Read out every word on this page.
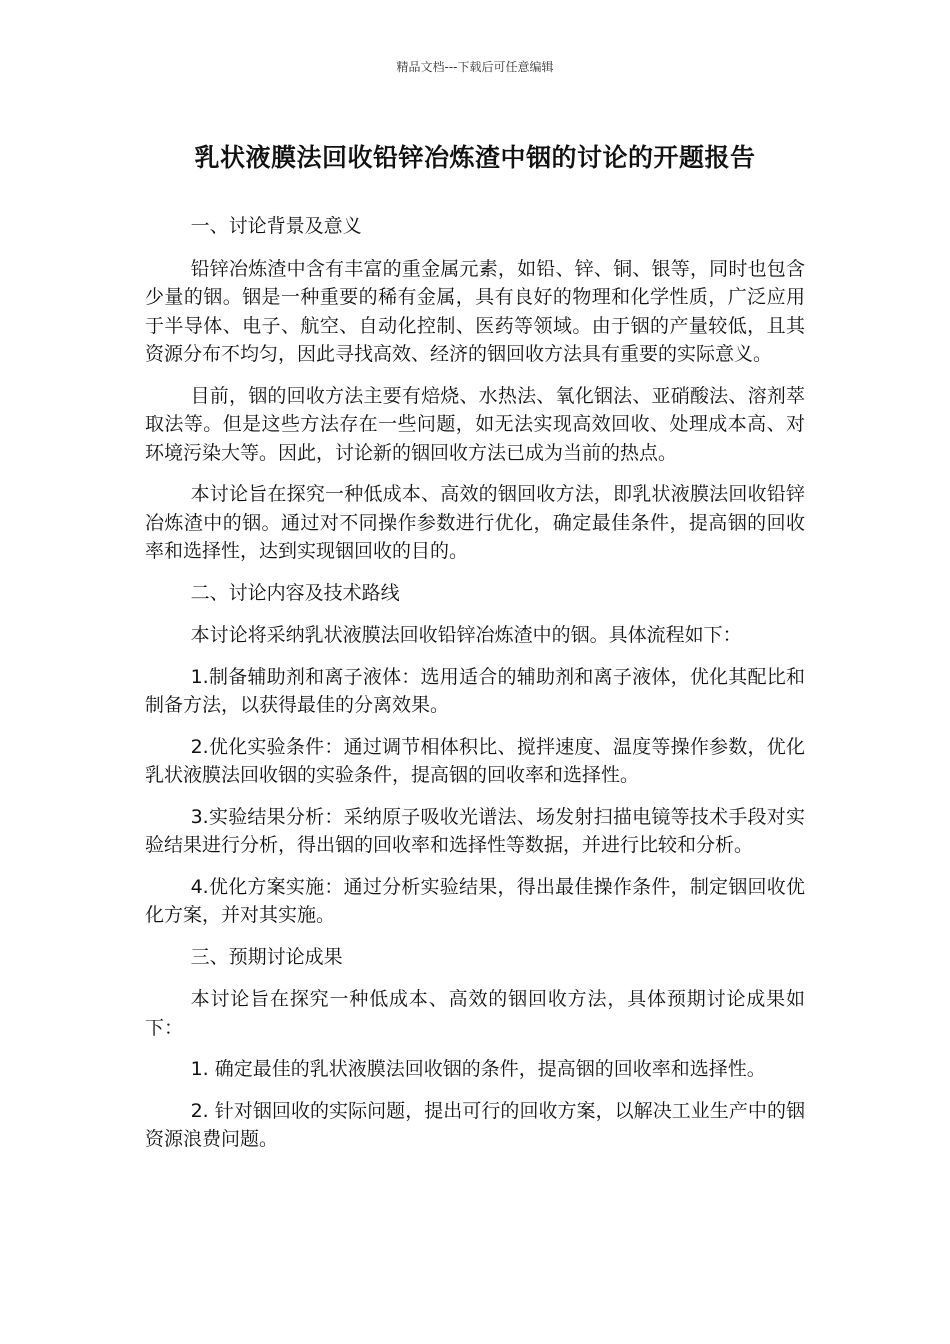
精品文档---下载后可任意编辑
乳状液膜法回收铅锌冶炼渣中铟的讨论的开题报告

一、讨论背景及意义

铅锌冶炼渣中含有丰富的重金属元素，如铅、锌、铜、银等，同时也包含少量的铟。铟是一种重要的稀有金属，具有良好的物理和化学性质，广泛应用于半导体、电子、航空、自动化控制、医药等领域。由于铟的产量较低，且其资源分布不均匀，因此寻找高效、经济的铟回收方法具有重要的实际意义。

目前，铟的回收方法主要有焙烧、水热法、氧化铟法、亚硝酸法、溶剂萃取法等。但是这些方法存在一些问题，如无法实现高效回收、处理成本高、对环境污染大等。因此，讨论新的铟回收方法已成为当前的热点。

本讨论旨在探究一种低成本、高效的铟回收方法，即乳状液膜法回收铅锌冶炼渣中的铟。通过对不同操作参数进行优化，确定最佳条件，提高铟的回收率和选择性，达到实现铟回收的目的。

二、讨论内容及技术路线

本讨论将采纳乳状液膜法回收铅锌冶炼渣中的铟。具体流程如下：

1.制备辅助剂和离子液体：选用适合的辅助剂和离子液体，优化其配比和制备方法，以获得最佳的分离效果。

2.优化实验条件：通过调节相体积比、搅拌速度、温度等操作参数，优化乳状液膜法回收铟的实验条件，提高铟的回收率和选择性。

3.实验结果分析：采纳原子吸收光谱法、场发射扫描电镜等技术手段对实验结果进行分析，得出铟的回收率和选择性等数据，并进行比较和分析。

4.优化方案实施：通过分析实验结果，得出最佳操作条件，制定铟回收优化方案，并对其实施。

三、预期讨论成果

本讨论旨在探究一种低成本、高效的铟回收方法，具体预期讨论成果如下：

1. 确定最佳的乳状液膜法回收铟的条件，提高铟的回收率和选择性。

2. 针对铟回收的实际问题，提出可行的回收方案，以解决工业生产中的铟资源浪费问题。
